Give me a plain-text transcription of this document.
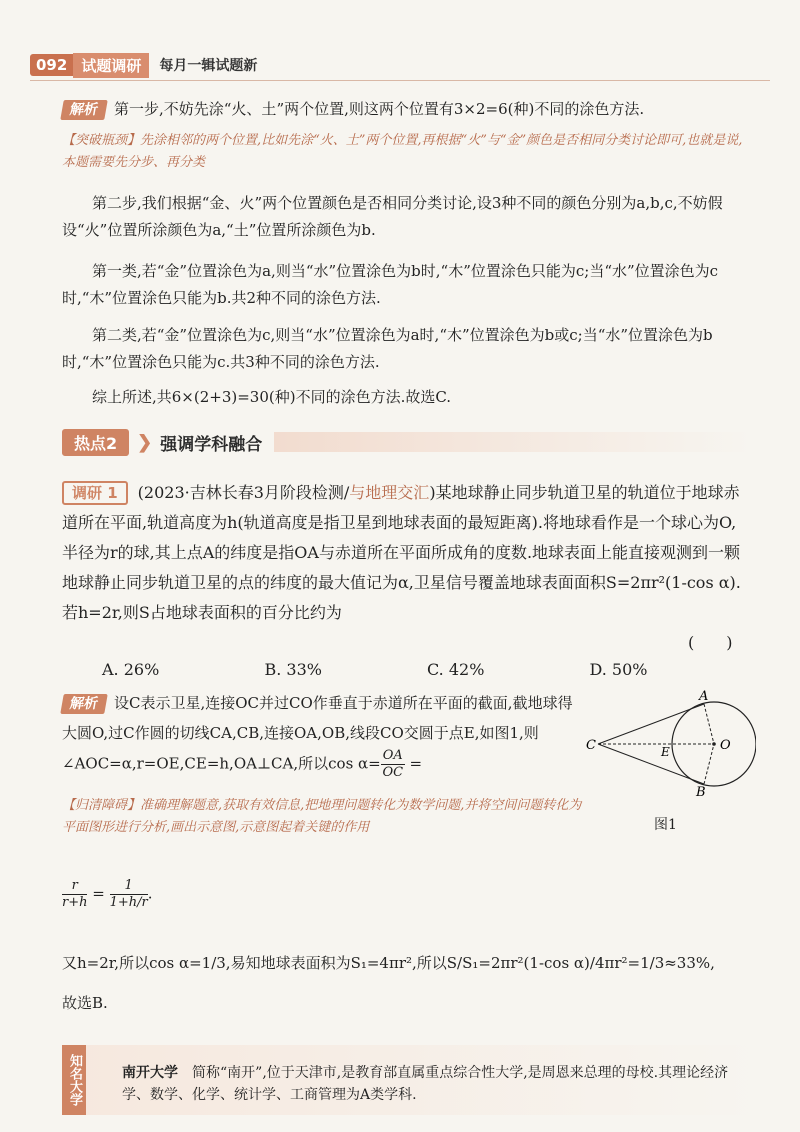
092 试题调研	每月一辑试题新
解析 第一步,不妨先涂“火、土”两个位置,则这两个位置有3×2=6(种)不同的涂色方法.
【突破瓶颈】先涂相邻的两个位置,比如先涂“火、土”两个位置,再根据“火”与“金”颜色是否相同分类讨论即可,也就是说,本题需要先分步、再分类
第二步,我们根据“金、火”两个位置颜色是否相同分类讨论,设3种不同的颜色分别为a,b,c,不妨假设“火”位置所涂颜色为a,“土”位置所涂颜色为b.
第一类,若“金”位置涂色为a,则当“水”位置涂色为b时,“木”位置涂色只能为c;当“水”位置涂色为c时,“木”位置涂色只能为b.共2种不同的涂色方法.
第二类,若“金”位置涂色为c,则当“水”位置涂色为a时,“木”位置涂色为b或c;当“水”位置涂色为b时,“木”位置涂色只能为c.共3种不同的涂色方法.
综上所述,共6×(2+3)=30(种)不同的涂色方法.故选C.
热点2	❯ 强调学科融合
调研 1 (2023·吉林长春3月阶段检测/与地理交汇)某地球静止同步轨道卫星的轨道位于地球赤道所在平面,轨道高度为h(轨道高度是指卫星到地球表面的最短距离).将地球看作是一个球心为O,半径为r的球,其上点A的纬度是指OA与赤道所在平面所成角的度数.地球表面上能直接观测到一颗地球静止同步轨道卫星的点的纬度的最大值记为α,卫星信号覆盖地球表面面积S=2πr²(1-cos α).若h=2r,则S占地球表面积的百分比约为
(　　)
A. 26%	B. 33%	C. 42%	D. 50%
解析 设C表示卫星,连接OC并过CO作垂直于赤道所在平面的截面,截地球得大圆O,过C作圆的切线CA,CB,连接OA,OB,线段CO交圆于点E,如图1,则∠AOC=α,r=OE,CE=h,OA⊥CA,所以$\cos \alpha= \frac{OA}{OC}$ =
【归清障碍】准确理解题意,获取有效信息,把地理问题转化为数学问题,并将空间问题转化为平面图形进行分析,画出示意图,示意图起着关键的作用
$\frac{r}{r+h} = \frac{1}{1+h/r}$ .
又h=2r,所以cos α=1/3,易知地球表面积为S₁=4πr²,所以S/S₁=2πr²(1-cos α)/4πr²=1/3≈33%,
故选B.
A
B
C	E	O
图1
知名大学	南开大学　 简称“南开”,位于天津市,是教育部直属重点综合性大学,是周恩来总理的母校.其理论经济学、数学、化学、统计学、工商管理为A类学科.
